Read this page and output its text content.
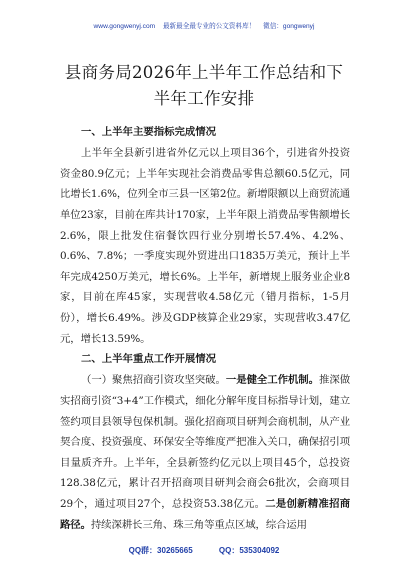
www.gongwenyj.com 最新最全最专业的公文资料库！ 微信：gongwenyj
县商务局2026年上半年工作总结和下半年工作安排

一、上半年主要指标完成情况

上半年全县新引进省外亿元以上项目36个，引进省外投资资金80.9亿元；上半年实现社会消费品零售总额60.5亿元，同比增长1.6%，位列全市三县一区第2位。新增限额以上商贸流通单位23家，目前在库共计170家，上半年限上消费品零售额增长2.6%，限上批发住宿餐饮四行业分别增长57.4%、4.2%、0.6%、7.8%；一季度实现外贸进出口1835万美元，预计上半年完成4250万美元，增长6%。上半年，新增规上服务业企业8家，目前在库45家，实现营收4.58亿元（错月指标，1-5月份），增长6.49%。涉及GDP核算企业29家，实现营收3.47亿元，增长13.59%。

二、上半年重点工作开展情况

（一）聚焦招商引资攻坚突破。一是健全工作机制。推深做实招商引资“3+4”工作模式，细化分解年度目标指导计划，建立签约项目县领导包保机制。强化招商项目研判会商机制，从产业契合度、投资强度、环保安全等维度严把准入关口，确保招引项目量质齐升。上半年，全县新签约亿元以上项目45个，总投资128.38亿元，累计召开招商项目研判会商会6批次，会商项目29个，通过项目27个，总投资53.38亿元。二是创新精准招商路径。持续深耕长三角、珠三角等重点区域，综合运用

QQ群：30265665	QQ：535304092
